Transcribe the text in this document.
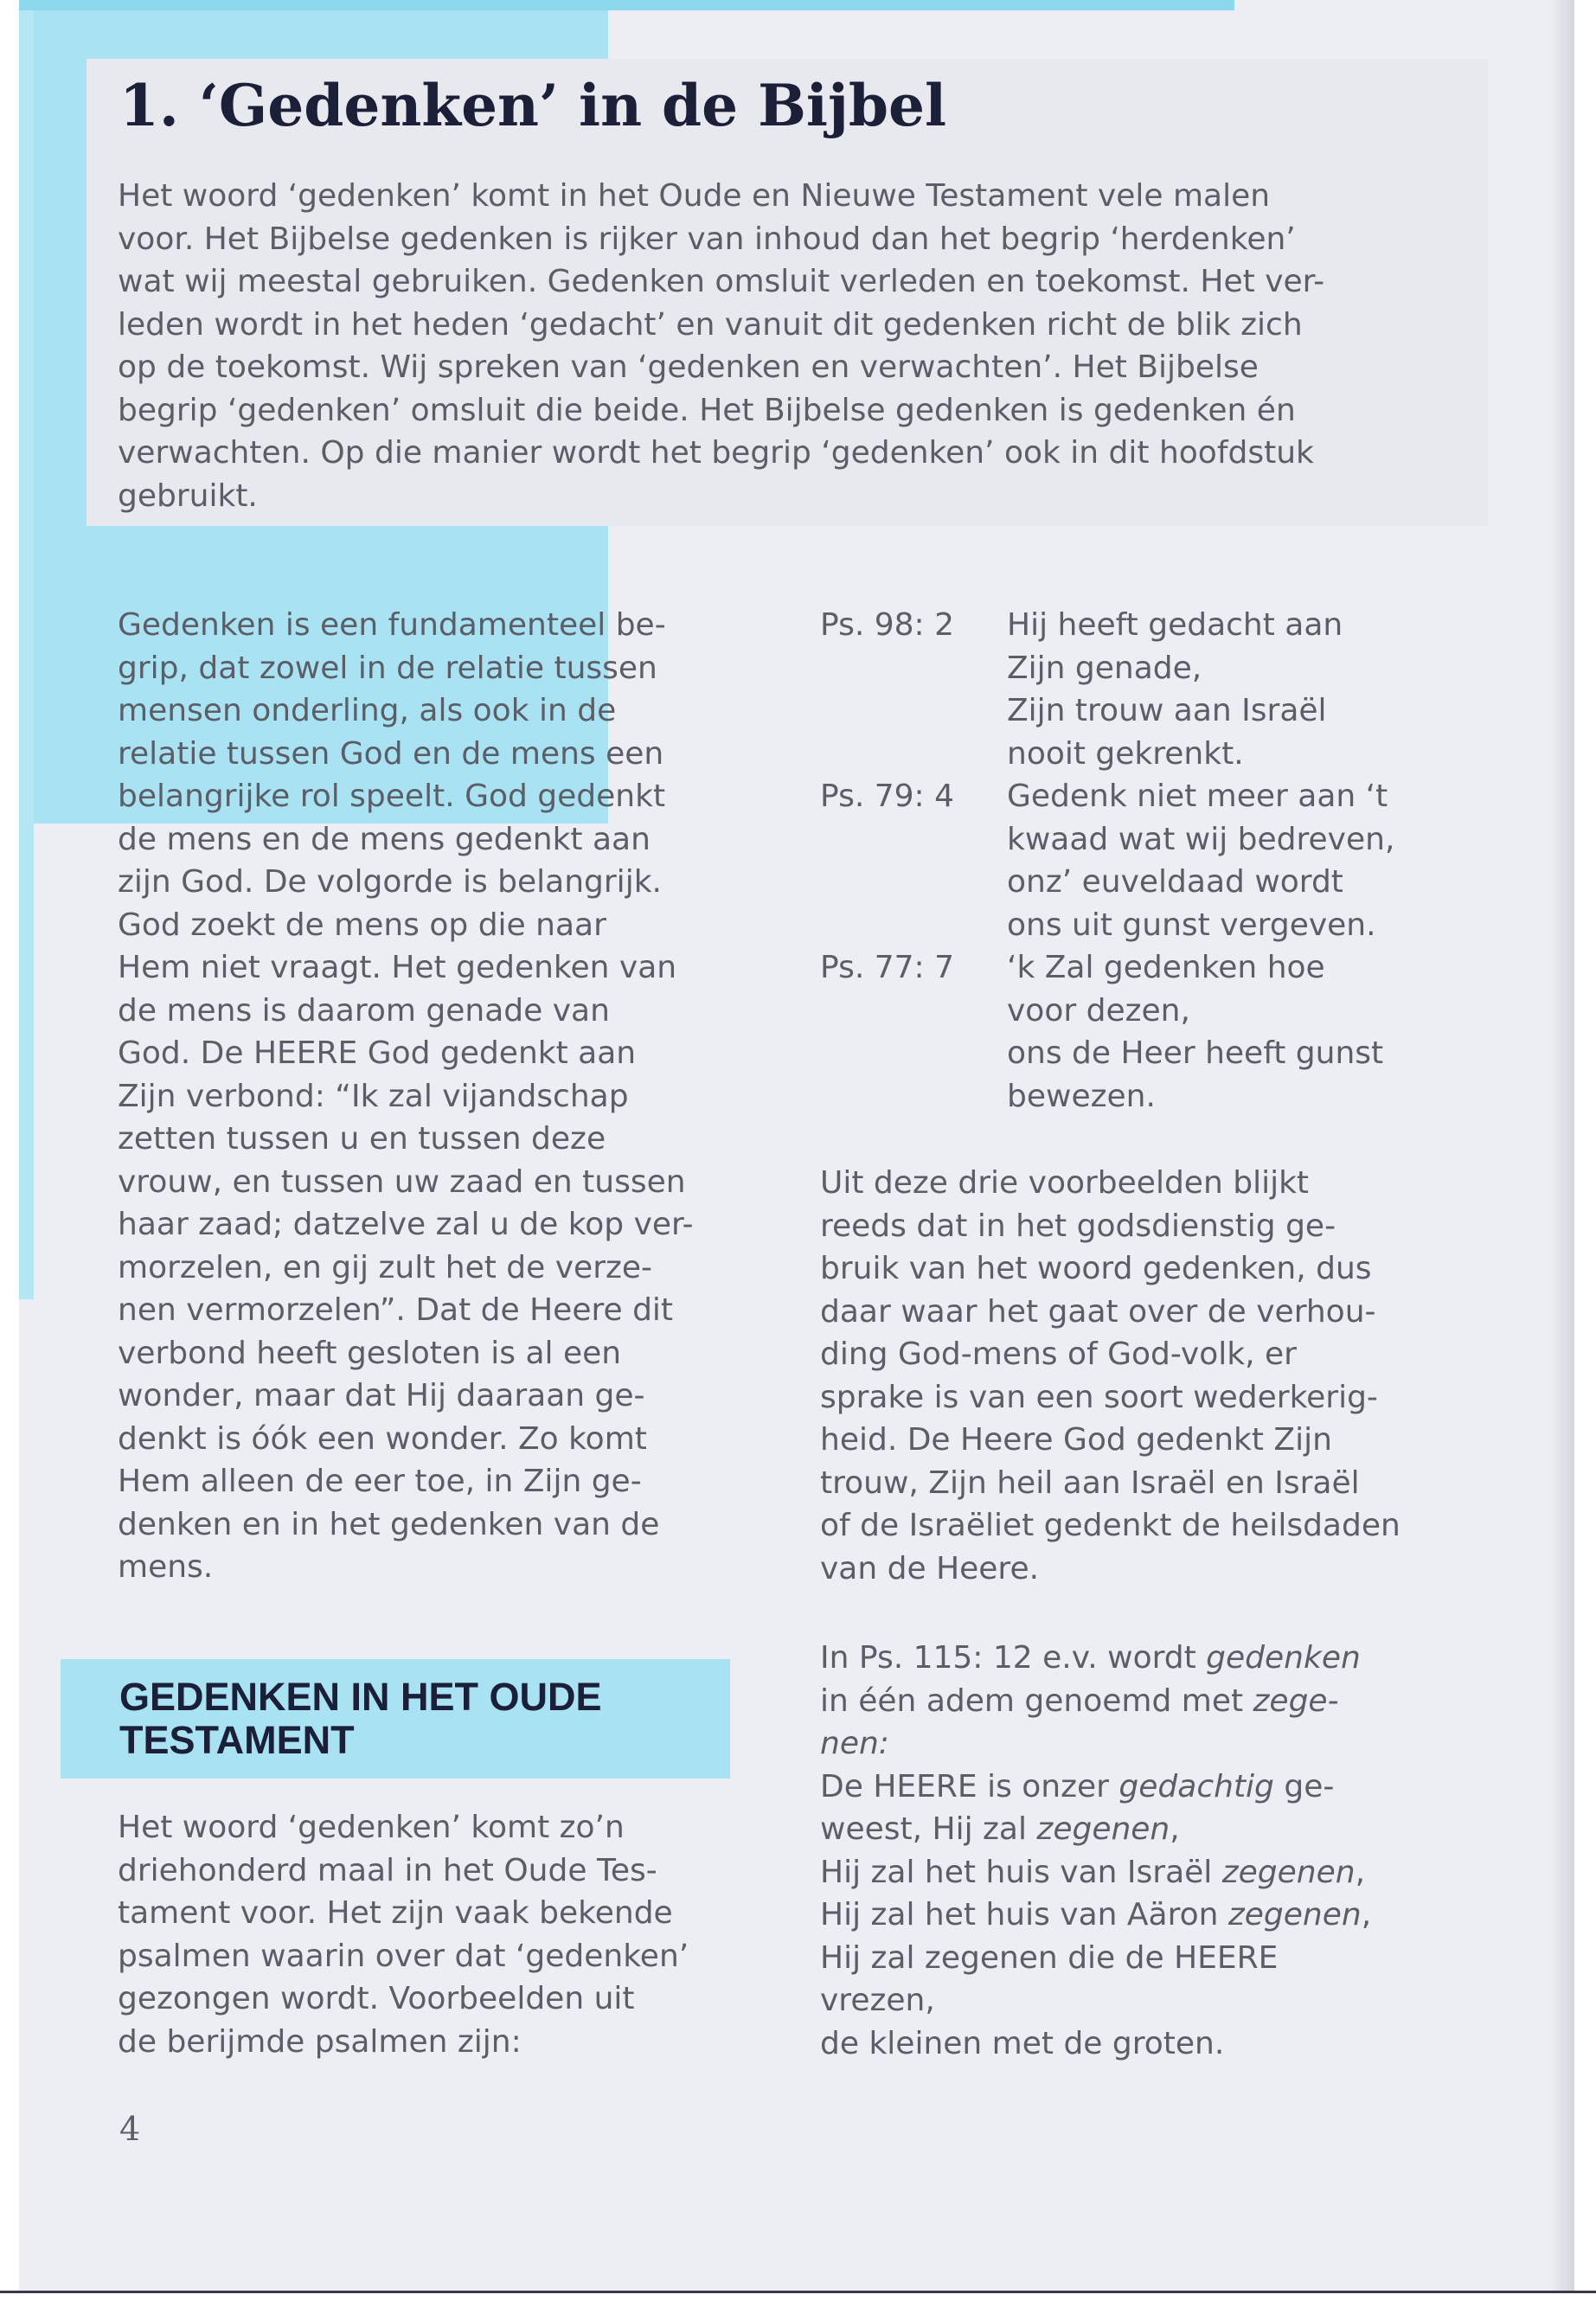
1. ‘Gedenken’ in de Bijbel

Het woord ‘gedenken’ komt in het Oude en Nieuwe Testament vele malen
voor. Het Bijbelse gedenken is rijker van inhoud dan het begrip ‘herdenken’
wat wij meestal gebruiken. Gedenken omsluit verleden en toekomst. Het ver-
leden wordt in het heden ‘gedacht’ en vanuit dit gedenken richt de blik zich
op de toekomst. Wij spreken van ‘gedenken en verwachten’. Het Bijbelse
begrip ‘gedenken’ omsluit die beide. Het Bijbelse gedenken is gedenken én
verwachten. Op die manier wordt het begrip ‘gedenken’ ook in dit hoofdstuk
gebruikt.

Gedenken is een fundamenteel be-
grip, dat zowel in de relatie tussen
mensen onderling, als ook in de
relatie tussen God en de mens een
belangrijke rol speelt. God gedenkt
de mens en de mens gedenkt aan
zijn God. De volgorde is belangrijk.
God zoekt de mens op die naar
Hem niet vraagt. Het gedenken van
de mens is daarom genade van
God. De HEERE God gedenkt aan
Zijn verbond: “Ik zal vijandschap
zetten tussen u en tussen deze
vrouw, en tussen uw zaad en tussen
haar zaad; datzelve zal u de kop ver-
morzelen, en gij zult het de verze-
nen vermorzelen”. Dat de Heere dit
verbond heeft gesloten is al een
wonder, maar dat Hij daaraan ge-
denkt is óók een wonder. Zo komt
Hem alleen de eer toe, in Zijn ge-
denken en in het gedenken van de
mens.

GEDENKEN IN HET OUDE TESTAMENT

Het woord ‘gedenken’ komt zo’n
driehonderd maal in het Oude Tes-
tament voor. Het zijn vaak bekende
psalmen waarin over dat ‘gedenken’
gezongen wordt. Voorbeelden uit
de berijmde psalmen zijn:

4
Ps. 98: 2 Hij heeft gedacht aan
Zijn genade,
Zijn trouw aan Israël
nooit gekrenkt.
Ps. 79: 4 Gedenk niet meer aan ‘t
kwaad wat wij bedreven,
onz’ euveldaad wordt
ons uit gunst vergeven.
Ps. 77: 7 ‘k Zal gedenken hoe
voor dezen,
ons de Heer heeft gunst
bewezen.

Uit deze drie voorbeelden blijkt
reeds dat in het godsdienstig ge-
bruik van het woord gedenken, dus
daar waar het gaat over de verhou-
ding God-mens of God-volk, er
sprake is van een soort wederkerig-
heid. De Heere God gedenkt Zijn
trouw, Zijn heil aan Israël en Israël
of de Israëliet gedenkt de heilsdaden
van de Heere.

In Ps. 115: 12 e.v. wordt gedenken
in één adem genoemd met zege-
nen:
De HEERE is onzer gedachtig ge-
weest, Hij zal zegenen,
Hij zal het huis van Israël zegenen,
Hij zal het huis van Aäron zegenen,
Hij zal zegenen die de HEERE
vrezen,
de kleinen met de groten.
